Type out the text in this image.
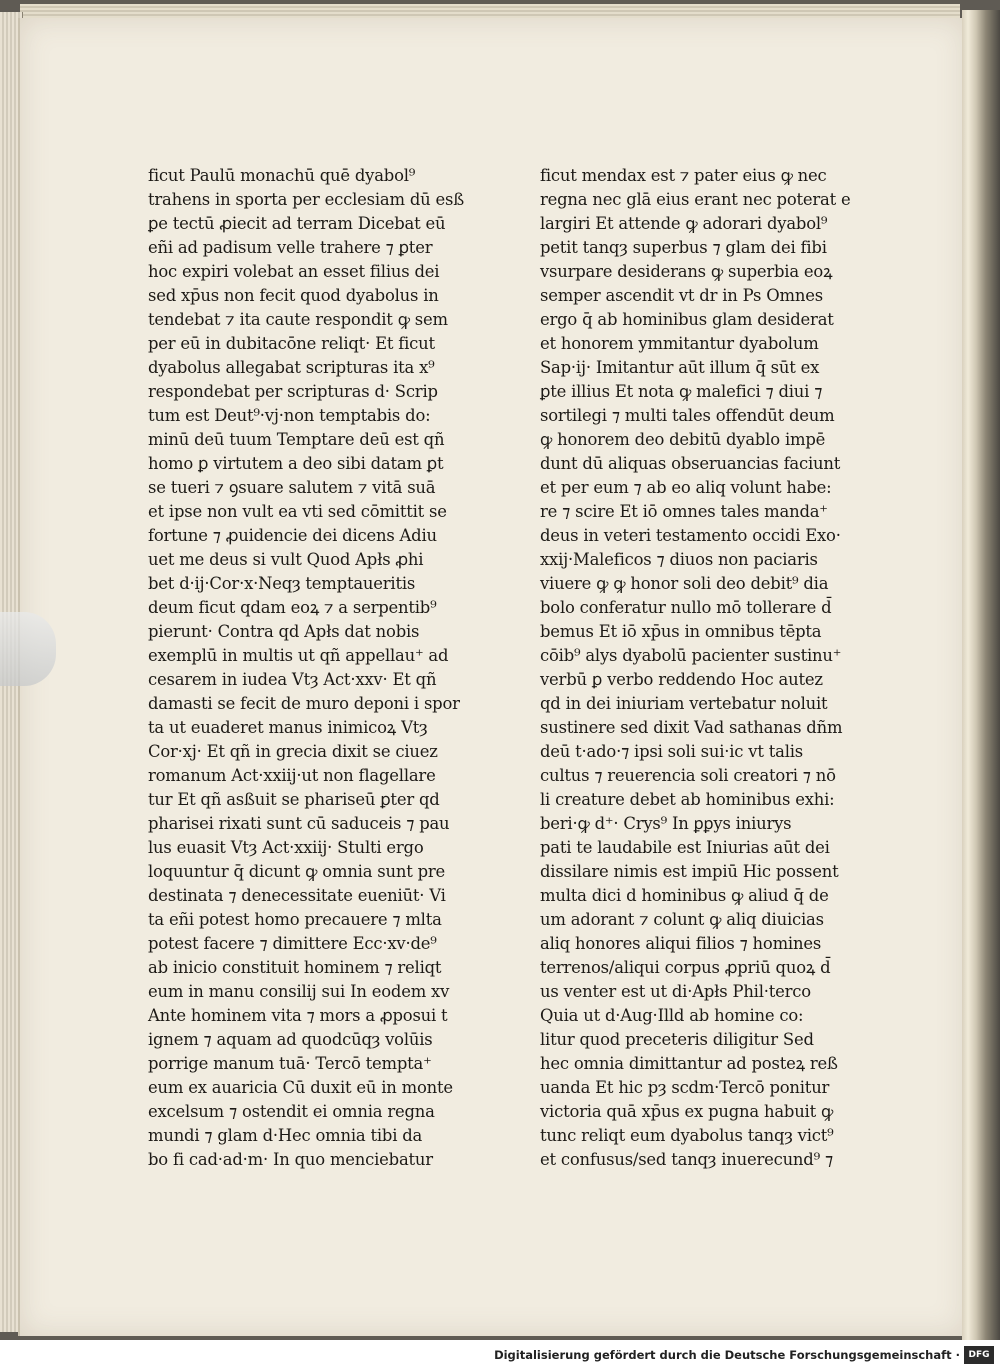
ficut Paulū monachū quē dyabol⁹
trahens in sporta per ecclesiam dū esß
ꝑe tectū ꝓiecit ad terram Dicebat eū
eñi ad padisum velle trahere ⁊ ꝑter
hoc expiri volebat an esset filius dei
sed xp̄us non fecit quod dyabolus in
tendebat ⁊ ita caute respondit ꝙ sem
per eū in dubitacōne reliqt· Et ficut
dyabolus allegabat scripturas ita x⁹
respondebat per scripturas d· Scrip
tum est Deut⁹·vj·non temptabis do:
minū deū tuum Temptare deū est qñ
homo ꝑ virtutem a deo sibi datam ꝑt
se tueri ⁊ ꝯsuare salutem ⁊ vitā suā
et ipse non vult ea vti sed cōmittit se
fortune ⁊ ꝓuidencie dei dicens Adiu
uet me deus si vult Quod Apłs ꝓhi
bet d·ij·Cor·x·Neqȝ temptaueritis
deum ficut qdam eoꝝ ⁊ a serpentib⁹
pierunt· Contra qd Apłs dat nobis
exemplū in multis ut qñ appellau⁺ ad
cesarem in iudea Vtȝ Act·xxv· Et qñ
damasti se fecit de muro deponi i spor
ta ut euaderet manus inimicoꝝ Vtȝ
Cor·xj· Et qñ in grecia dixit se ciuez
romanum Act·xxiij·ut non flagellare
tur Et qñ asßuit se phariseū ꝑter qd
pharisei rixati sunt cū saduceis ⁊ pau
lus euasit Vtȝ Act·xxiij· Stulti ergo
loquuntur q̄ dicunt ꝙ omnia sunt pre
destinata ⁊ denecessitate eueniūt· Vi
ta eñi potest homo precauere ⁊ mlta
potest facere ⁊ dimittere Ecc·xv·de⁹
ab inicio constituit hominem ⁊ reliqt
eum in manu consilij sui In eodem xv
Ante hominem vita ⁊ mors a ꝓposui t
ignem ⁊ aquam ad quodcūqȝ volūis
porrige manum tuā· Tercō tempta⁺
eum ex auaricia Cū duxit eū in monte
excelsum ⁊ ostendit ei omnia regna
mundi ⁊ glam d·Hec omnia tibi da
bo fi cad·ad·m· In quo menciebatur
ficut mendax est ⁊ pater eius ꝙ nec
regna nec glā eius erant nec poterat e
largiri Et attende ꝙ adorari dyabol⁹
petit tanqȝ superbus ⁊ glam dei fibi
vsurpare desiderans ꝙ superbia eoꝝ
semper ascendit vt dr in Ps Omnes
ergo q̄ ab hominibus glam desiderat
et honorem ymmitantur dyabolum
Sap·ij· Imitantur aūt illum q̄ sūt ex
ꝑte illius Et nota ꝙ malefici ⁊ diui ⁊
sortilegi ⁊ multi tales offendūt deum
ꝙ honorem deo debitū dyablo impē
dunt dū aliquas obseruancias faciunt
et per eum ⁊ ab eo aliq volunt habe:
re ⁊ scire Et iō omnes tales manda⁺
deus in veteri testamento occidi Exo·
xxij·Maleficos ⁊ diuos non paciaris
viuere ꝙ ꝙ honor soli deo debit⁹ dia
bolo conferatur nullo mō tollerare d̄
bemus Et iō xp̄us in omnibus tēpta
cōib⁹ alys dyabolū pacienter sustinu⁺
verbū ꝑ verbo reddendo Hoc autez
qd in dei iniuriam vertebatur noluit
sustinere sed dixit Vad sathanas dñm
deū t·ado·⁊ ipsi soli sui·ic vt talis
cultus ⁊ reuerencia soli creatori ⁊ nō
li creature debet ab hominibus exhi:
beri·ꝙ d⁺· Crys⁹ In ꝑꝑys iniurys
pati te laudabile est Iniurias aūt dei
dissilare nimis est impiū Hic possent
multa dici d hominibus ꝙ aliud q̄ de
um adorant ⁊ colunt ꝙ aliq diuicias
aliq honores aliqui filios ⁊ homines
terrenos/aliqui corpus ꝓpriū quoꝝ d̄
us venter est ut di·Apłs Phil·terco
Quia ut d·Aug·Illd ab homine co:
litur quod preceteris diligitur Sed
hec omnia dimittantur ad posteꝝ reß
uanda Et hic pȝ scdm·Tercō ponitur
victoria quā xp̄us ex pugna habuit ꝙ
tunc reliqt eum dyabolus tanqȝ vict⁹
et confusus/sed tanqȝ inuerecund⁹ ⁊
Digitalisierung gefördert durch die Deutsche Forschungsgemeinschaft · DFG
